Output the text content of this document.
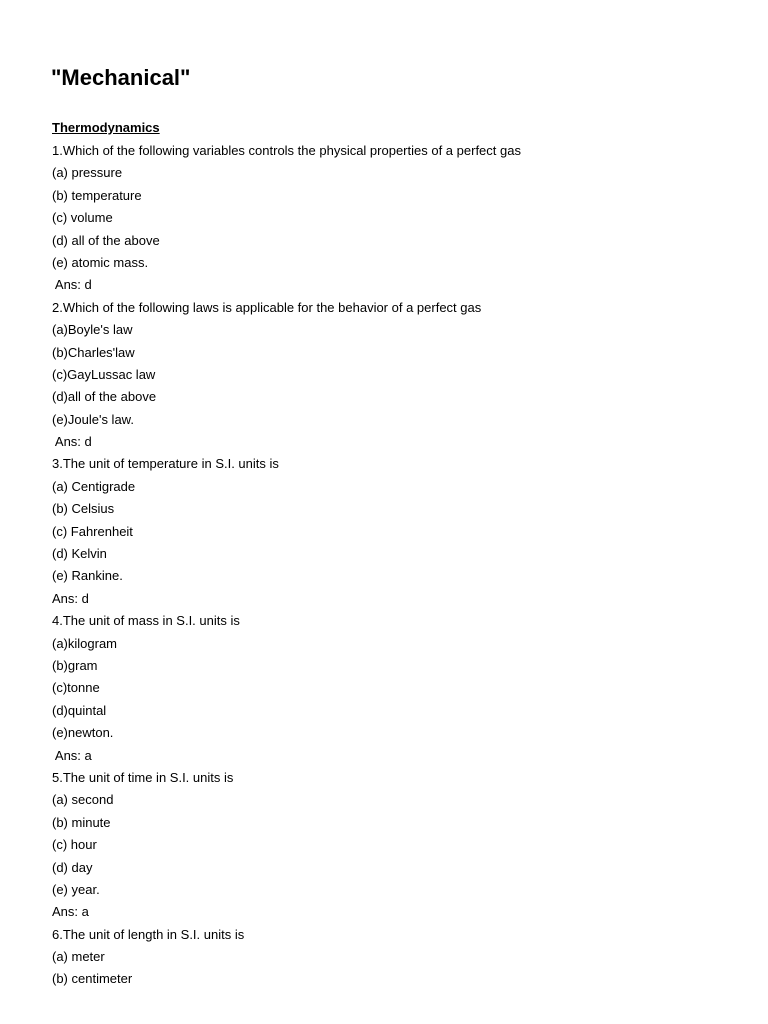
"Mechanical"
Thermodynamics
1.Which of the following variables controls the physical properties of a perfect gas
(a) pressure
(b) temperature
(c) volume
(d) all of the above
(e) atomic mass.
Ans: d
2.Which of the following laws is applicable for the behavior of a perfect gas
(a)Boyle's law
(b)Charles'law
(c)GayLussac law
(d)all of the above
(e)Joule's law.
Ans: d
3.The unit of temperature in S.I. units is
(a) Centigrade
(b) Celsius
(c) Fahrenheit
(d) Kelvin
(e) Rankine.
Ans: d
4.The unit of mass in S.I. units is
(a)kilogram
(b)gram
(c)tonne
(d)quintal
(e)newton.
Ans: a
5.The unit of time in S.I. units is
(a) second
(b) minute
(c) hour
(d) day
(e) year.
Ans: a
6.The unit of length in S.I. units is
(a) meter
(b) centimeter
